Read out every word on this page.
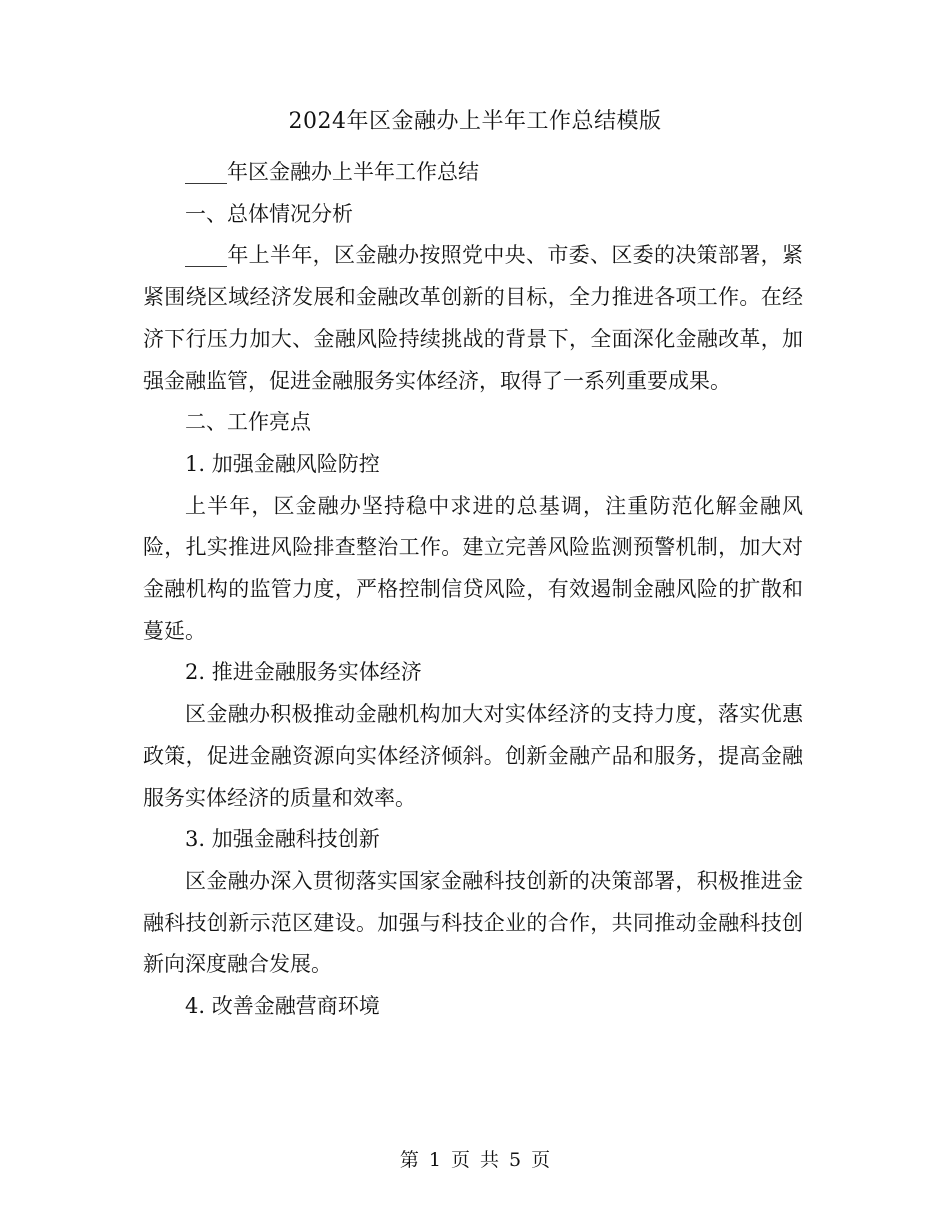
2024年区金融办上半年工作总结模版

____年区金融办上半年工作总结

一、总体情况分析

____年上半年，区金融办按照党中央、市委、区委的决策部署，紧紧围绕区域经济发展和金融改革创新的目标，全力推进各项工作。在经济下行压力加大、金融风险持续挑战的背景下，全面深化金融改革，加强金融监管，促进金融服务实体经济，取得了一系列重要成果。

二、工作亮点

1. 加强金融风险防控

上半年，区金融办坚持稳中求进的总基调，注重防范化解金融风险，扎实推进风险排查整治工作。建立完善风险监测预警机制，加大对金融机构的监管力度，严格控制信贷风险，有效遏制金融风险的扩散和蔓延。

2. 推进金融服务实体经济

区金融办积极推动金融机构加大对实体经济的支持力度，落实优惠政策，促进金融资源向实体经济倾斜。创新金融产品和服务，提高金融服务实体经济的质量和效率。

3. 加强金融科技创新

区金融办深入贯彻落实国家金融科技创新的决策部署，积极推进金融科技创新示范区建设。加强与科技企业的合作，共同推动金融科技创新向深度融合发展。

4. 改善金融营商环境

第 1 页 共 5 页
